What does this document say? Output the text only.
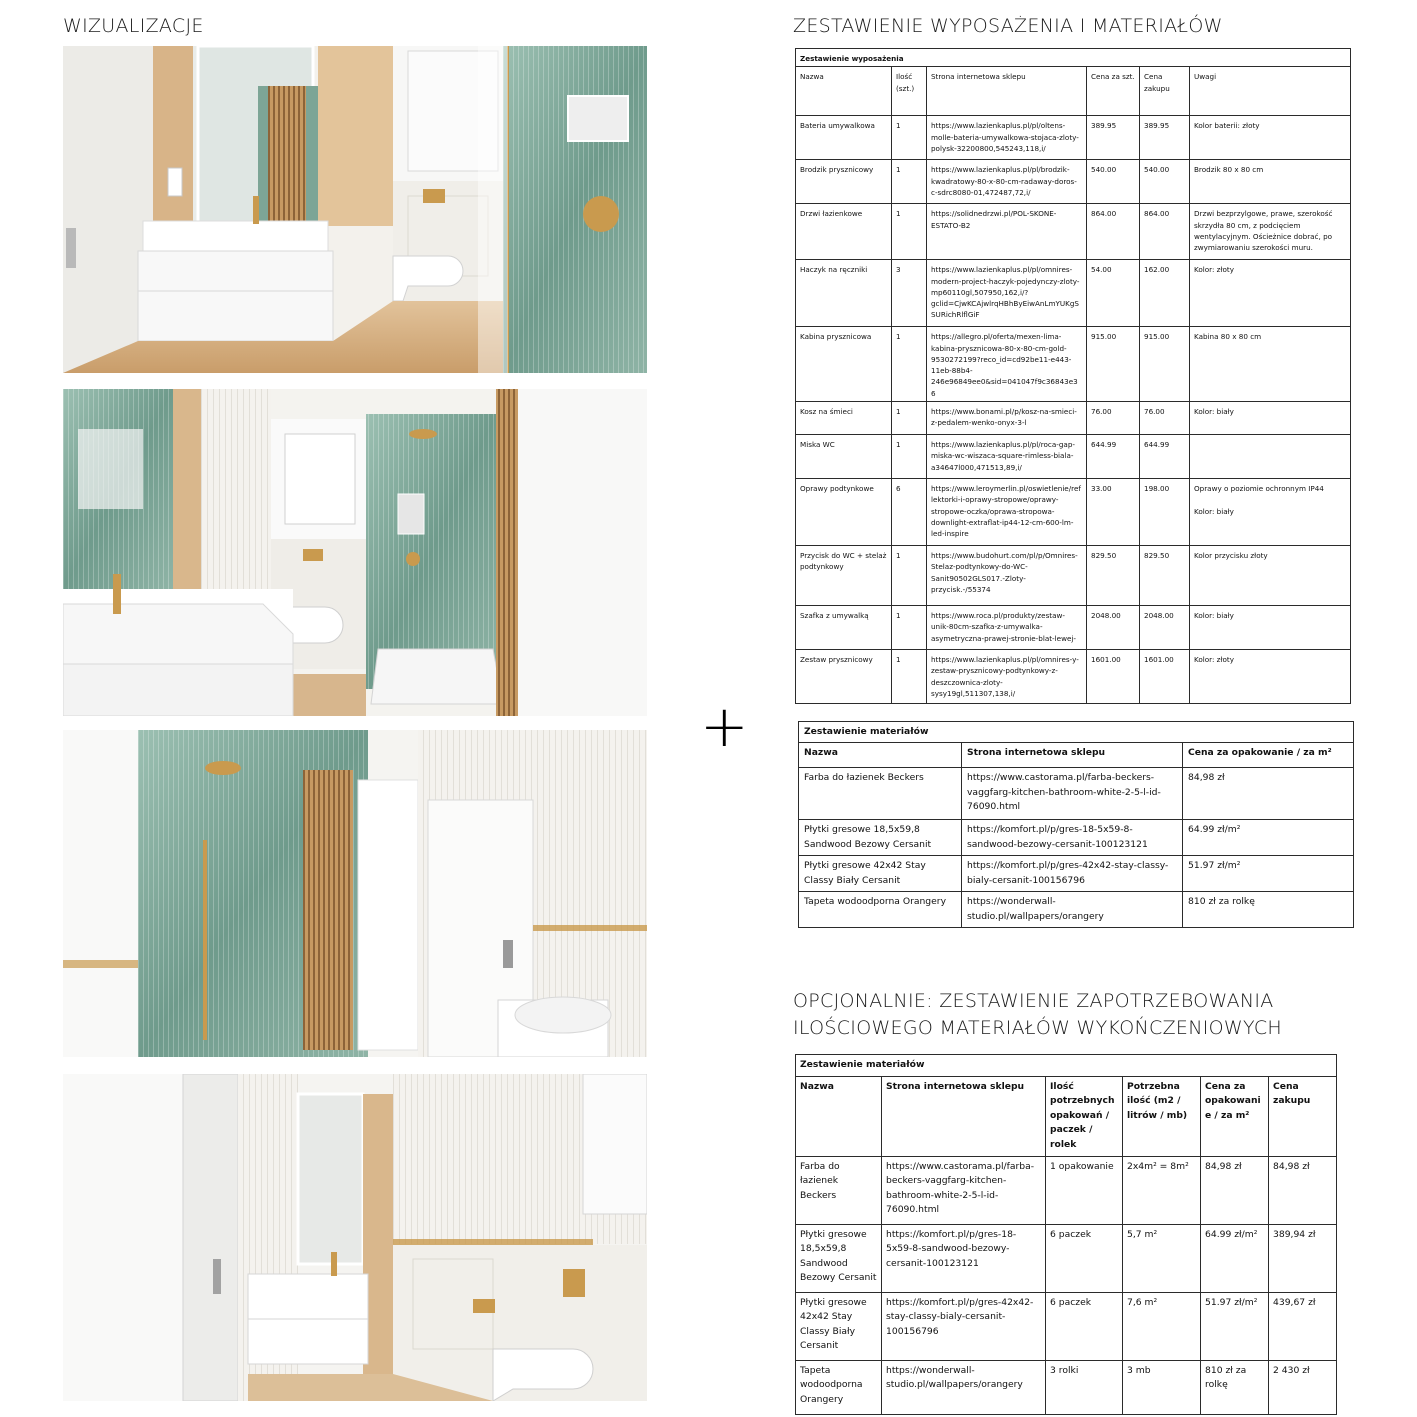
WIZUALIZACJE	ZESTAWIENIE WYPOSAŻENIA I MATERIAŁÓW
OPCJONALNIE: ZESTAWIENIE ZAPOTRZEBOWANIA
ILOŚCIOWEGO MATERIAŁÓW WYKOŃCZENIOWYCH
+
Zestawienie wyposażenia					
Nazwa	Ilość (szt.)	Strona internetowa sklepu	Cena za szt.	Cena zakupu	Uwagi
Bateria umywalkowa	1	https://www.lazienkaplus.pl/pl/oltens-molle-bateria-umywalkowa-stojaca-zloty-polysk-32200800,545243,118,i/	389.95	389.95	Kolor baterii: złoty
Brodzik prysznicowy	1	https://www.lazienkaplus.pl/pl/brodzik-kwadratowy-80-x-80-cm-radaway-doros-c-sdrc8080-01,472487,72,i/	540.00	540.00	Brodzik 80 x 80 cm
Drzwi łazienkowe	1	https://solidnedrzwi.pl/POL-SKONE-ESTATO-B2	864.00	864.00	Drzwi bezprzylgowe, prawe, szerokość skrzydła 80 cm, z podcięciem wentylacyjnym. Ościeżnice dobrać, po zwymiarowaniu szerokości muru.
Haczyk na ręczniki	3	https://www.lazienkaplus.pl/pl/omnires-modern-project-haczyk-pojedynczy-zloty-mp60110gl,507950,162,i/?gclid=CjwKCAjwlrqHBhByEiwAnLmYUKgSSURichRlflGiF	54.00	162.00	Kolor: złoty
Kabina prysznicowa	1	https://allegro.pl/oferta/mexen-lima-kabina-prysznicowa-80-x-80-cm-gold-9530272199?reco_id=cd92be11-e443-11eb-88b4-246e96849ee0&sid=041047f9c36843e36	915.00	915.00	Kabina 80 x 80 cm
Kosz na śmieci	1	https://www.bonami.pl/p/kosz-na-smieci-z-pedalem-wenko-onyx-3-l	76.00	76.00	Kolor: biały
Miska WC	1	https://www.lazienkaplus.pl/pl/roca-gap-miska-wc-wiszaca-square-rimless-biala-a34647l000,471513,89,i/	644.99	644.99	
Oprawy podtynkowe	6	https://www.leroymerlin.pl/oswietlenie/reflektorki-i-oprawy-stropowe/oprawy-stropowe-oczka/oprawa-stropowa-downlight-extraflat-ip44-12-cm-600-lm-led-inspire	33.00	198.00	Oprawy o poziomie ochronnym IP44

Kolor: biały
Przycisk do WC + stelaż podtynkowy	1	https://www.budohurt.com/pl/p/Omnires-Stelaz-podtynkowy-do-WC-Sanit90502GLS017.-Zloty-przycisk.-/55374	829.50	829.50	Kolor przycisku złoty
Szafka z umywalką	1	https://www.roca.pl/produkty/zestaw-unik-80cm-szafka-z-umywalka-asymetryczna-prawej-stronie-blat-lewej-	2048.00	2048.00	Kolor: biały
Zestaw prysznicowy	1	https://www.lazienkaplus.pl/pl/omnires-y-zestaw-prysznicowy-podtynkowy-z-deszczownica-zloty-sysy19gl,511307,138,i/	1601.00	1601.00	Kolor: złoty
Zestawienie materiałów		
Nazwa	Strona internetowa sklepu	Cena za opakowanie / za m²
Farba do łazienek Beckers	https://www.castorama.pl/farba-beckers-vaggfarg-kitchen-bathroom-white-2-5-l-id-76090.html	84,98 zł
Płytki gresowe 18,5x59,8 Sandwood Bezowy Cersanit	https://komfort.pl/p/gres-18-5x59-8-sandwood-bezowy-cersanit-100123121	64.99 zł/m²
Płytki gresowe 42x42 Stay Classy Biały Cersanit	https://komfort.pl/p/gres-42x42-stay-classy-bialy-cersanit-100156796	51.97 zł/m²
Tapeta wodoodporna Orangery	https://wonderwall-studio.pl/wallpapers/orangery	810 zł za rolkę
Zestawienie materiałów					
Nazwa	Strona internetowa sklepu	Ilość potrzebnych opakowań / paczek / rolek	Potrzebna ilość (m2 / litrów / mb)	Cena za opakowanie / za m²	Cena zakupu
Farba do łazienek Beckers	https://www.castorama.pl/farba-beckers-vaggfarg-kitchen-bathroom-white-2-5-l-id-76090.html	1 opakowanie	2x4m² = 8m²	84,98 zł	84,98 zł
Płytki gresowe 18,5x59,8 Sandwood Bezowy Cersanit	https://komfort.pl/p/gres-18-5x59-8-sandwood-bezowy-cersanit-100123121	6 paczek	5,7 m²	64.99 zł/m²	389,94 zł
Płytki gresowe 42x42 Stay Classy Biały Cersanit	https://komfort.pl/p/gres-42x42-stay-classy-bialy-cersanit-100156796	6 paczek	7,6 m²	51.97 zł/m²	439,67 zł
Tapeta wodoodporna Orangery	https://wonderwall-studio.pl/wallpapers/orangery	3 rolki	3 mb	810 zł za rolkę	2 430 zł
